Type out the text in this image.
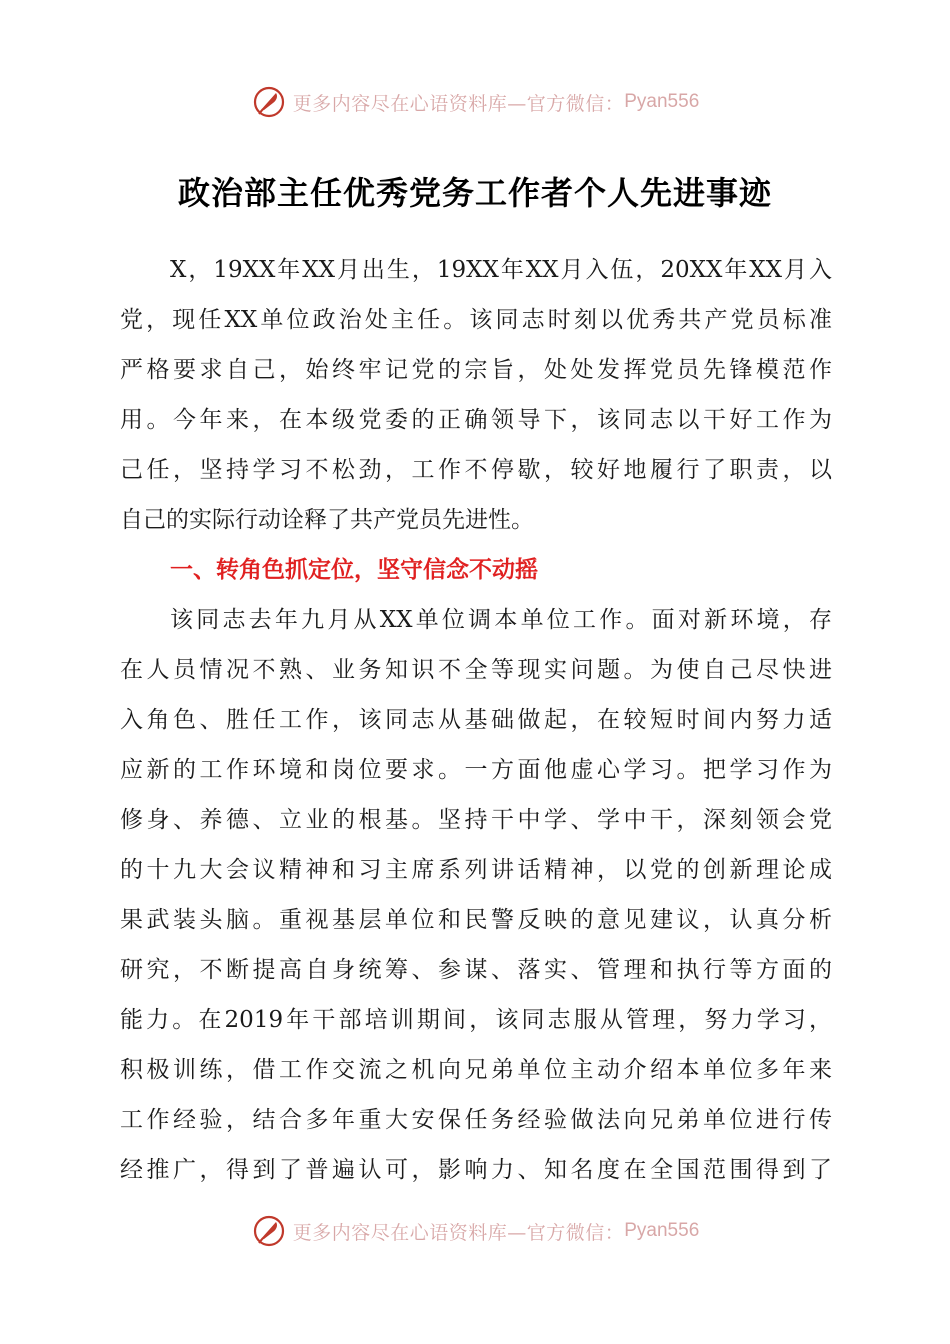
更多内容尽在心语资料库—官方微信： Pyan556
政治部主任优秀党务工作者个人先进事迹
X，19XX年XX月出生，19XX年XX月入伍，20XX年XX月入
党，现任XX单位政治处主任。该同志时刻以优秀共产党员标准
严格要求自己，始终牢记党的宗旨，处处发挥党员先锋模范作
用。今年来，在本级党委的正确领导下，该同志以干好工作为
己任，坚持学习不松劲，工作不停歇，较好地履行了职责，以
自己的实际行动诠释了共产党员先进性。
一、转角色抓定位，坚守信念不动摇
该同志去年九月从XX单位调本单位工作。面对新环境，存
在人员情况不熟、业务知识不全等现实问题。为使自己尽快进
入角色、胜任工作，该同志从基础做起，在较短时间内努力适
应新的工作环境和岗位要求。一方面他虚心学习。把学习作为
修身、养德、立业的根基。坚持干中学、学中干，深刻领会党
的十九大会议精神和习主席系列讲话精神，以党的创新理论成
果武装头脑。重视基层单位和民警反映的意见建议，认真分析
研究，不断提高自身统筹、参谋、落实、管理和执行等方面的
能力。在2019年干部培训期间，该同志服从管理，努力学习，
积极训练，借工作交流之机向兄弟单位主动介绍本单位多年来
工作经验，结合多年重大安保任务经验做法向兄弟单位进行传
经推广，得到了普遍认可，影响力、知名度在全国范围得到了
更多内容尽在心语资料库—官方微信： Pyan556
